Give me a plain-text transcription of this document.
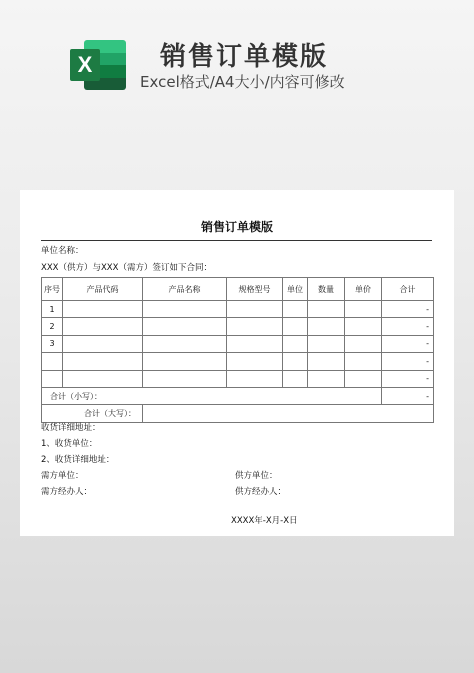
X	销售订单模版
Excel格式/A4大小/内容可修改
销售订单模版
单位名称：
XXX（供方）与XXX（需方）签订如下合同：
序号	产品代码	产品名称	规格型号	单位	数量	单价	合计
1							-
2							-
3							-
							-
							-
合计（小写）：							-
合计（大写）：							
收货详细地址：
1、收货单位：
2、收货详细地址：
需方单位：	供方单位：
需方经办人：	供方经办人：
XXXX年-X月-X日
